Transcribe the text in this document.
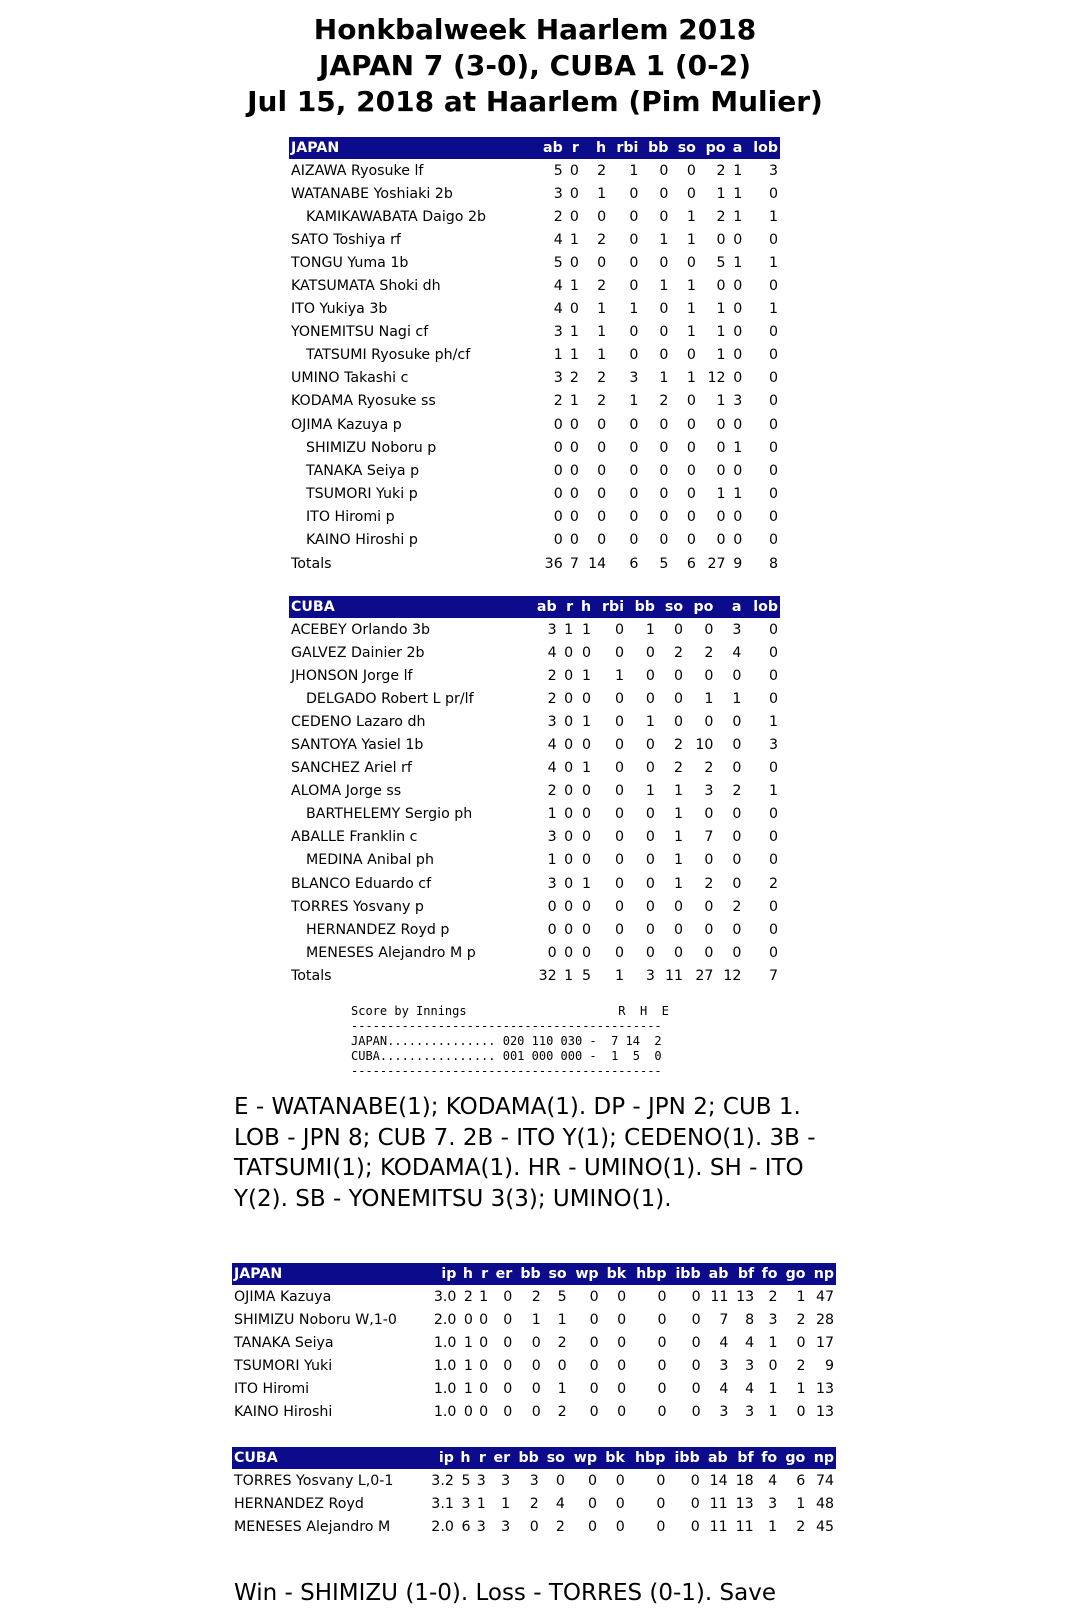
Honkbalweek Haarlem 2018
JAPAN 7 (3-0), CUBA 1 (0-2)
Jul 15, 2018 at Haarlem (Pim Mulier)
JAPAN	ab	r	h	rbi	bb	so	po	a	lob
AIZAWA Ryosuke lf	5	0	2	1	0	0	2	1	3
WATANABE Yoshiaki 2b	3	0	1	0	0	0	1	1	0
KAMIKAWABATA Daigo 2b	2	0	0	0	0	1	2	1	1
SATO Toshiya rf	4	1	2	0	1	1	0	0	0
TONGU Yuma 1b	5	0	0	0	0	0	5	1	1
KATSUMATA Shoki dh	4	1	2	0	1	1	0	0	0
ITO Yukiya 3b	4	0	1	1	0	1	1	0	1
YONEMITSU Nagi cf	3	1	1	0	0	1	1	0	0
TATSUMI Ryosuke ph/cf	1	1	1	0	0	0	1	0	0
UMINO Takashi c	3	2	2	3	1	1	12	0	0
KODAMA Ryosuke ss	2	1	2	1	2	0	1	3	0
OJIMA Kazuya p	0	0	0	0	0	0	0	0	0
SHIMIZU Noboru p	0	0	0	0	0	0	0	1	0
TANAKA Seiya p	0	0	0	0	0	0	0	0	0
TSUMORI Yuki p	0	0	0	0	0	0	1	1	0
ITO Hiromi p	0	0	0	0	0	0	0	0	0
KAINO Hiroshi p	0	0	0	0	0	0	0	0	0
Totals	36	7	14	6	5	6	27	9	8
CUBA	ab	r	h	rbi	bb	so	po	a	lob
ACEBEY Orlando 3b	3	1	1	0	1	0	0	3	0
GALVEZ Dainier 2b	4	0	0	0	0	2	2	4	0
JHONSON Jorge lf	2	0	1	1	0	0	0	0	0
DELGADO Robert L pr/lf	2	0	0	0	0	0	1	1	0
CEDENO Lazaro dh	3	0	1	0	1	0	0	0	1
SANTOYA Yasiel 1b	4	0	0	0	0	2	10	0	3
SANCHEZ Ariel rf	4	0	1	0	0	2	2	0	0
ALOMA Jorge ss	2	0	0	0	1	1	3	2	1
BARTHELEMY Sergio ph	1	0	0	0	0	1	0	0	0
ABALLE Franklin c	3	0	0	0	0	1	7	0	0
MEDINA Anibal ph	1	0	0	0	0	1	0	0	0
BLANCO Eduardo cf	3	0	1	0	0	1	2	0	2
TORRES Yosvany p	0	0	0	0	0	0	0	2	0
HERNANDEZ Royd p	0	0	0	0	0	0	0	0	0
MENESES Alejandro M p	0	0	0	0	0	0	0	0	0
Totals	32	1	5	1	3	11	27	12	7
Score by Innings                     R  H  E
-------------------------------------------
JAPAN............... 020 110 030 -  7 14  2
CUBA................ 001 000 000 -  1  5  0
-------------------------------------------

E - WATANABE(1); KODAMA(1). DP - JPN 2; CUB 1. LOB - JPN 8; CUB 7. 2B - ITO Y(1); CEDENO(1). 3B - TATSUMI(1); KODAMA(1). HR - UMINO(1). SH - ITO Y(2). SB - YONEMITSU 3(3); UMINO(1).

JAPAN	ip	h	r	er	bb	so	wp	bk	hbp	ibb	ab	bf	fo	go	np
OJIMA Kazuya	3.0	2	1	0	2	5	0	0	0	0	11	13	2	1	47
SHIMIZU Noboru W,1-0	2.0	0	0	0	1	1	0	0	0	0	7	8	3	2	28
TANAKA Seiya	1.0	1	0	0	0	2	0	0	0	0	4	4	1	0	17
TSUMORI Yuki	1.0	1	0	0	0	0	0	0	0	0	3	3	0	2	9
ITO Hiromi	1.0	1	0	0	0	1	0	0	0	0	4	4	1	1	13
KAINO Hiroshi	1.0	0	0	0	0	2	0	0	0	0	3	3	1	0	13
CUBA	ip	h	r	er	bb	so	wp	bk	hbp	ibb	ab	bf	fo	go	np
TORRES Yosvany L,0-1	3.2	5	3	3	3	0	0	0	0	0	14	18	4	6	74
HERNANDEZ Royd	3.1	3	1	1	2	4	0	0	0	0	11	13	3	1	48
MENESES Alejandro M	2.0	6	3	3	0	2	0	0	0	0	11	11	1	2	45
Win - SHIMIZU (1-0). Loss - TORRES (0-1). Save
